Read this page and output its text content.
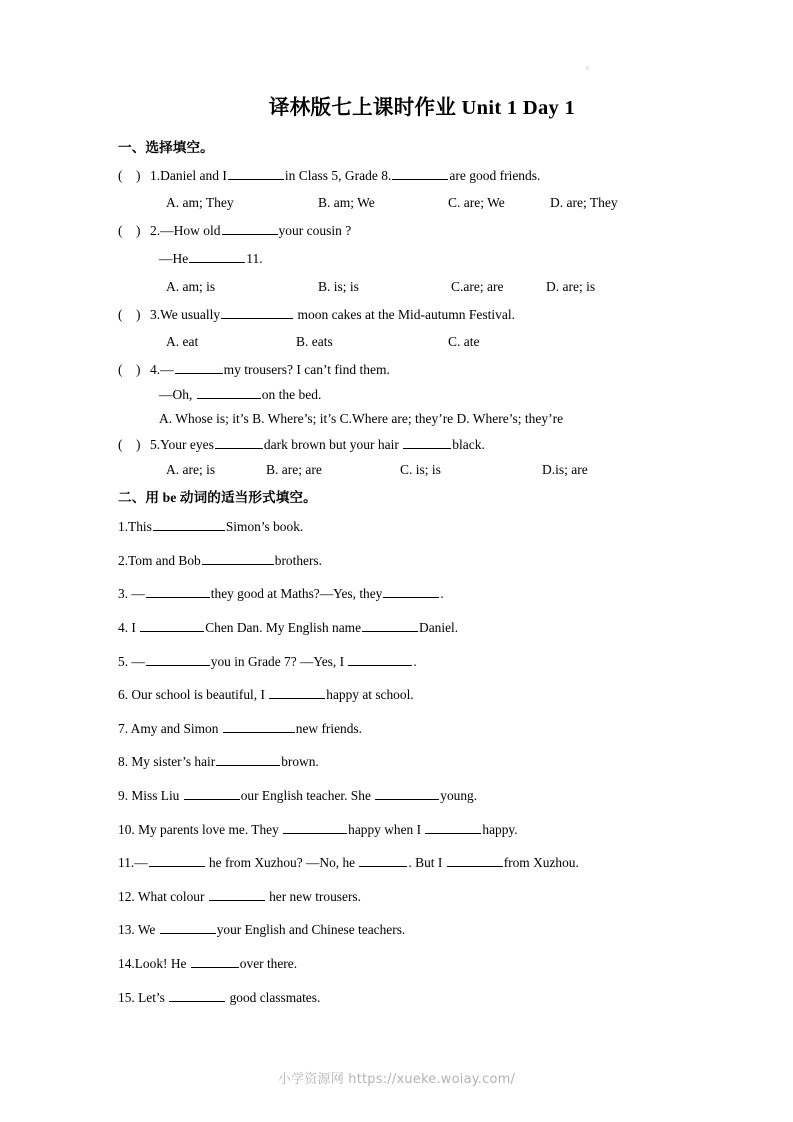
译林版七上课时作业 Unit 1 Day 1
一、选择填空。
(    ) 1.Daniel and I	in Class 5, Grade 8.	are good friends.
A. am; They	B. am; We	C. are; We	D. are; They
(    ) 2.—How old	your cousin ?
—He	11.
A. am; is	B. is; is	C.are; are	D. are; is
(    ) 3.We usually	moon cakes at the Mid-autumn Festival.
A. eat	B. eats	C. ate
(    ) 4.—	my trousers? I can’t find them.
—Oh,	on the bed.
A. Whose is; it’s B. Where’s; it’s C.Where are; they’re D. Where’s; they’re
(    ) 5.Your eyes	dark brown but your hair	black.
A. are; is	B. are; are	C. is; is	D.is; are
二、用 be 动词的适当形式填空。
1.This	Simon’s book.
2.Tom and Bob	brothers.
3. —	they good at Maths?—Yes, they	.
4. I	Chen Dan. My English name	Daniel.
5. —	you in Grade 7? —Yes, I	.
6. Our school is beautiful, I	happy at school.
7. Amy and Simon	new friends.
8. My sister’s hair	brown.
9. Miss Liu	our English teacher. She	young.
10. My parents love me. They	happy when I	happy.
11.—	he from Xuzhou? —No, he	. But I	from Xuzhou.
12. What colour	her new trousers.
13. We	your English and Chinese teachers.
14.Look! He	over there.
15. Let’s	good classmates.
小学资源网 https://xueke.woiay.com/
